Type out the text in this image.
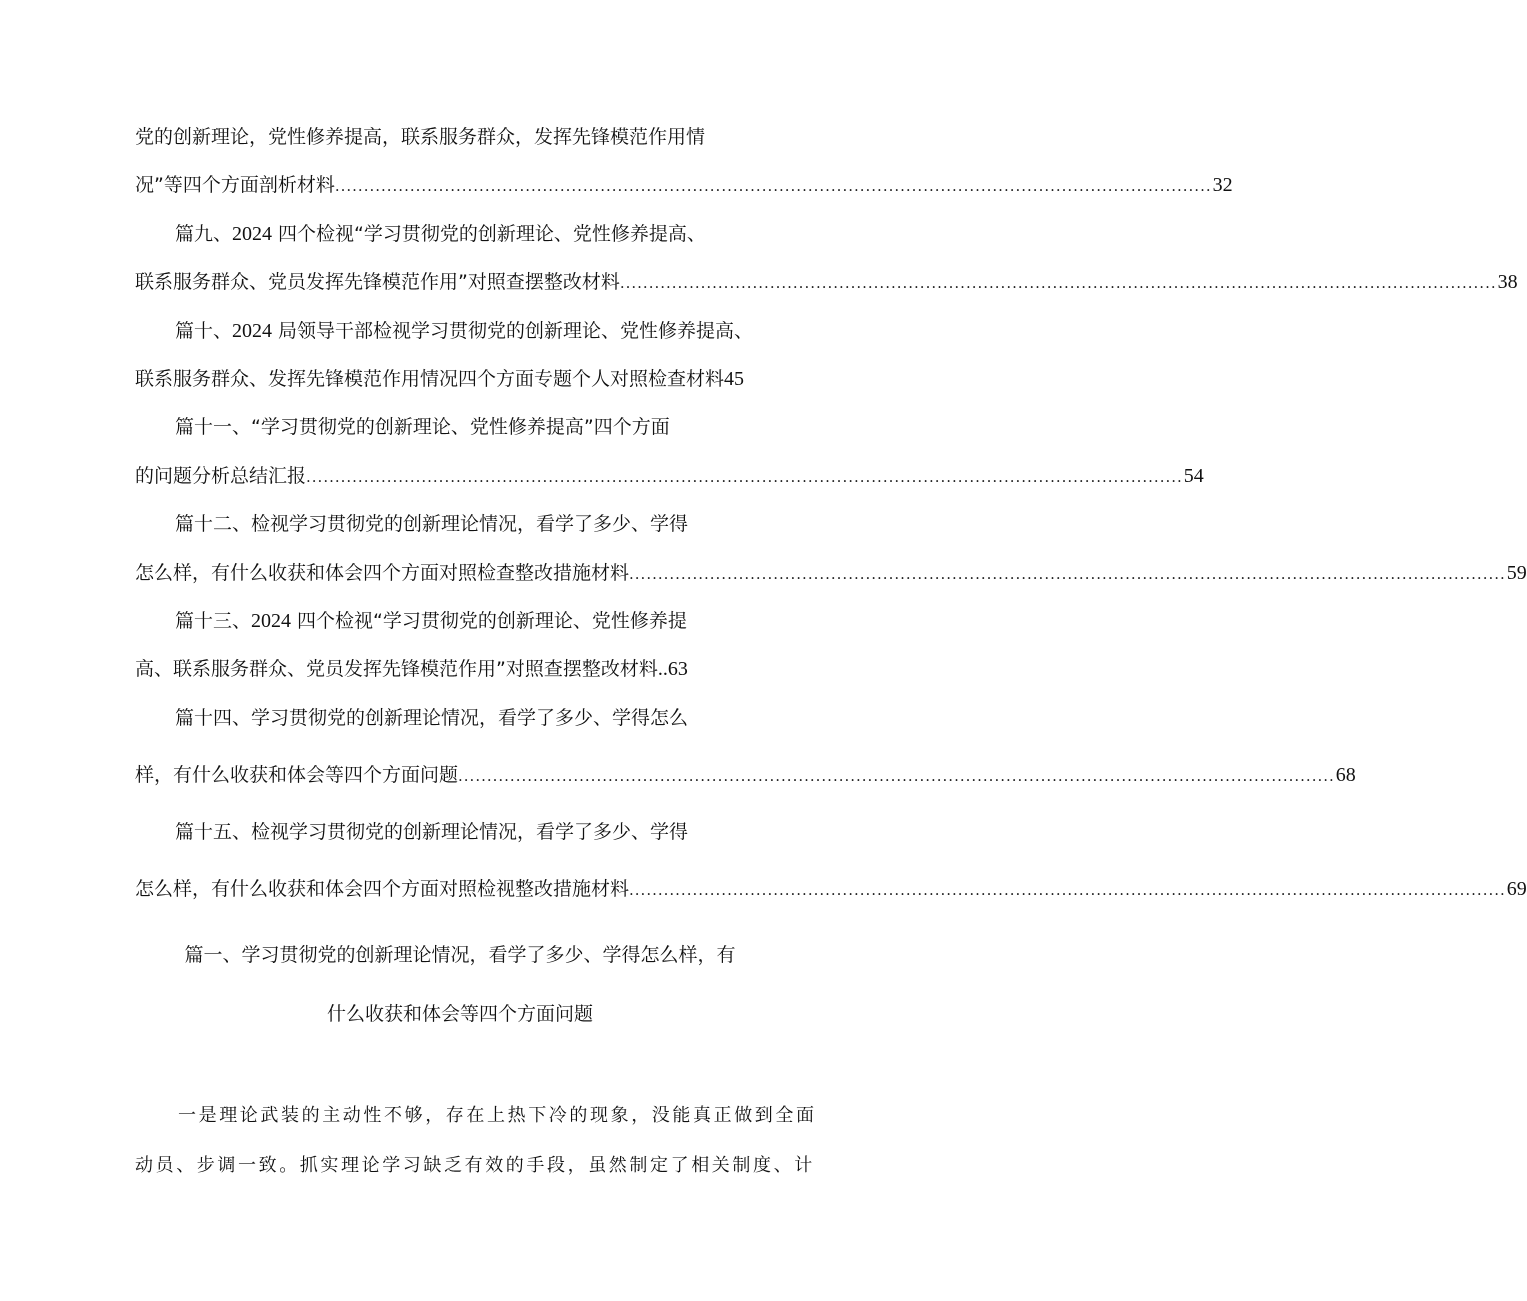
党的创新理论，党性修养提高，联系服务群众，发挥先锋模范作用情
况”等四个方面剖析材料 ........................................................................................................................................................ 32
篇九、2024 四个检视“学习贯彻党的创新理论、党性修养提高、
联系服务群众、党员发挥先锋模范作用”对照查摆整改材料 ........................................................................................................................................................ 38
篇十、2024 局领导干部检视学习贯彻党的创新理论、党性修养提高、
联系服务群众、发挥先锋模范作用情况四个方面专题个人对照检查材料45
篇十一、“学习贯彻党的创新理论、党性修养提高”四个方面
的问题分析总结汇报 ........................................................................................................................................................ 54
篇十二、检视学习贯彻党的创新理论情况，看学了多少、学得
怎么样，有什么收获和体会四个方面对照检查整改措施材料 ........................................................................................................................................................ 59
篇十三、2024 四个检视“学习贯彻党的创新理论、党性修养提
高、联系服务群众、党员发挥先锋模范作用”对照查摆整改材料..63
篇十四、学习贯彻党的创新理论情况，看学了多少、学得怎么
样，有什么收获和体会等四个方面问题 ........................................................................................................................................................ 68
篇十五、检视学习贯彻党的创新理论情况，看学了多少、学得
怎么样，有什么收获和体会四个方面对照检视整改措施材料 ........................................................................................................................................................ 69
篇一、学习贯彻党的创新理论情况，看学了多少、学得怎么样，有
什么收获和体会等四个方面问题
一是理论武装的主动性不够，存在上热下冷的现象，没能真正做到全面
动员、步调一致。抓实理论学习缺乏有效的手段，虽然制定了相关制度、计
